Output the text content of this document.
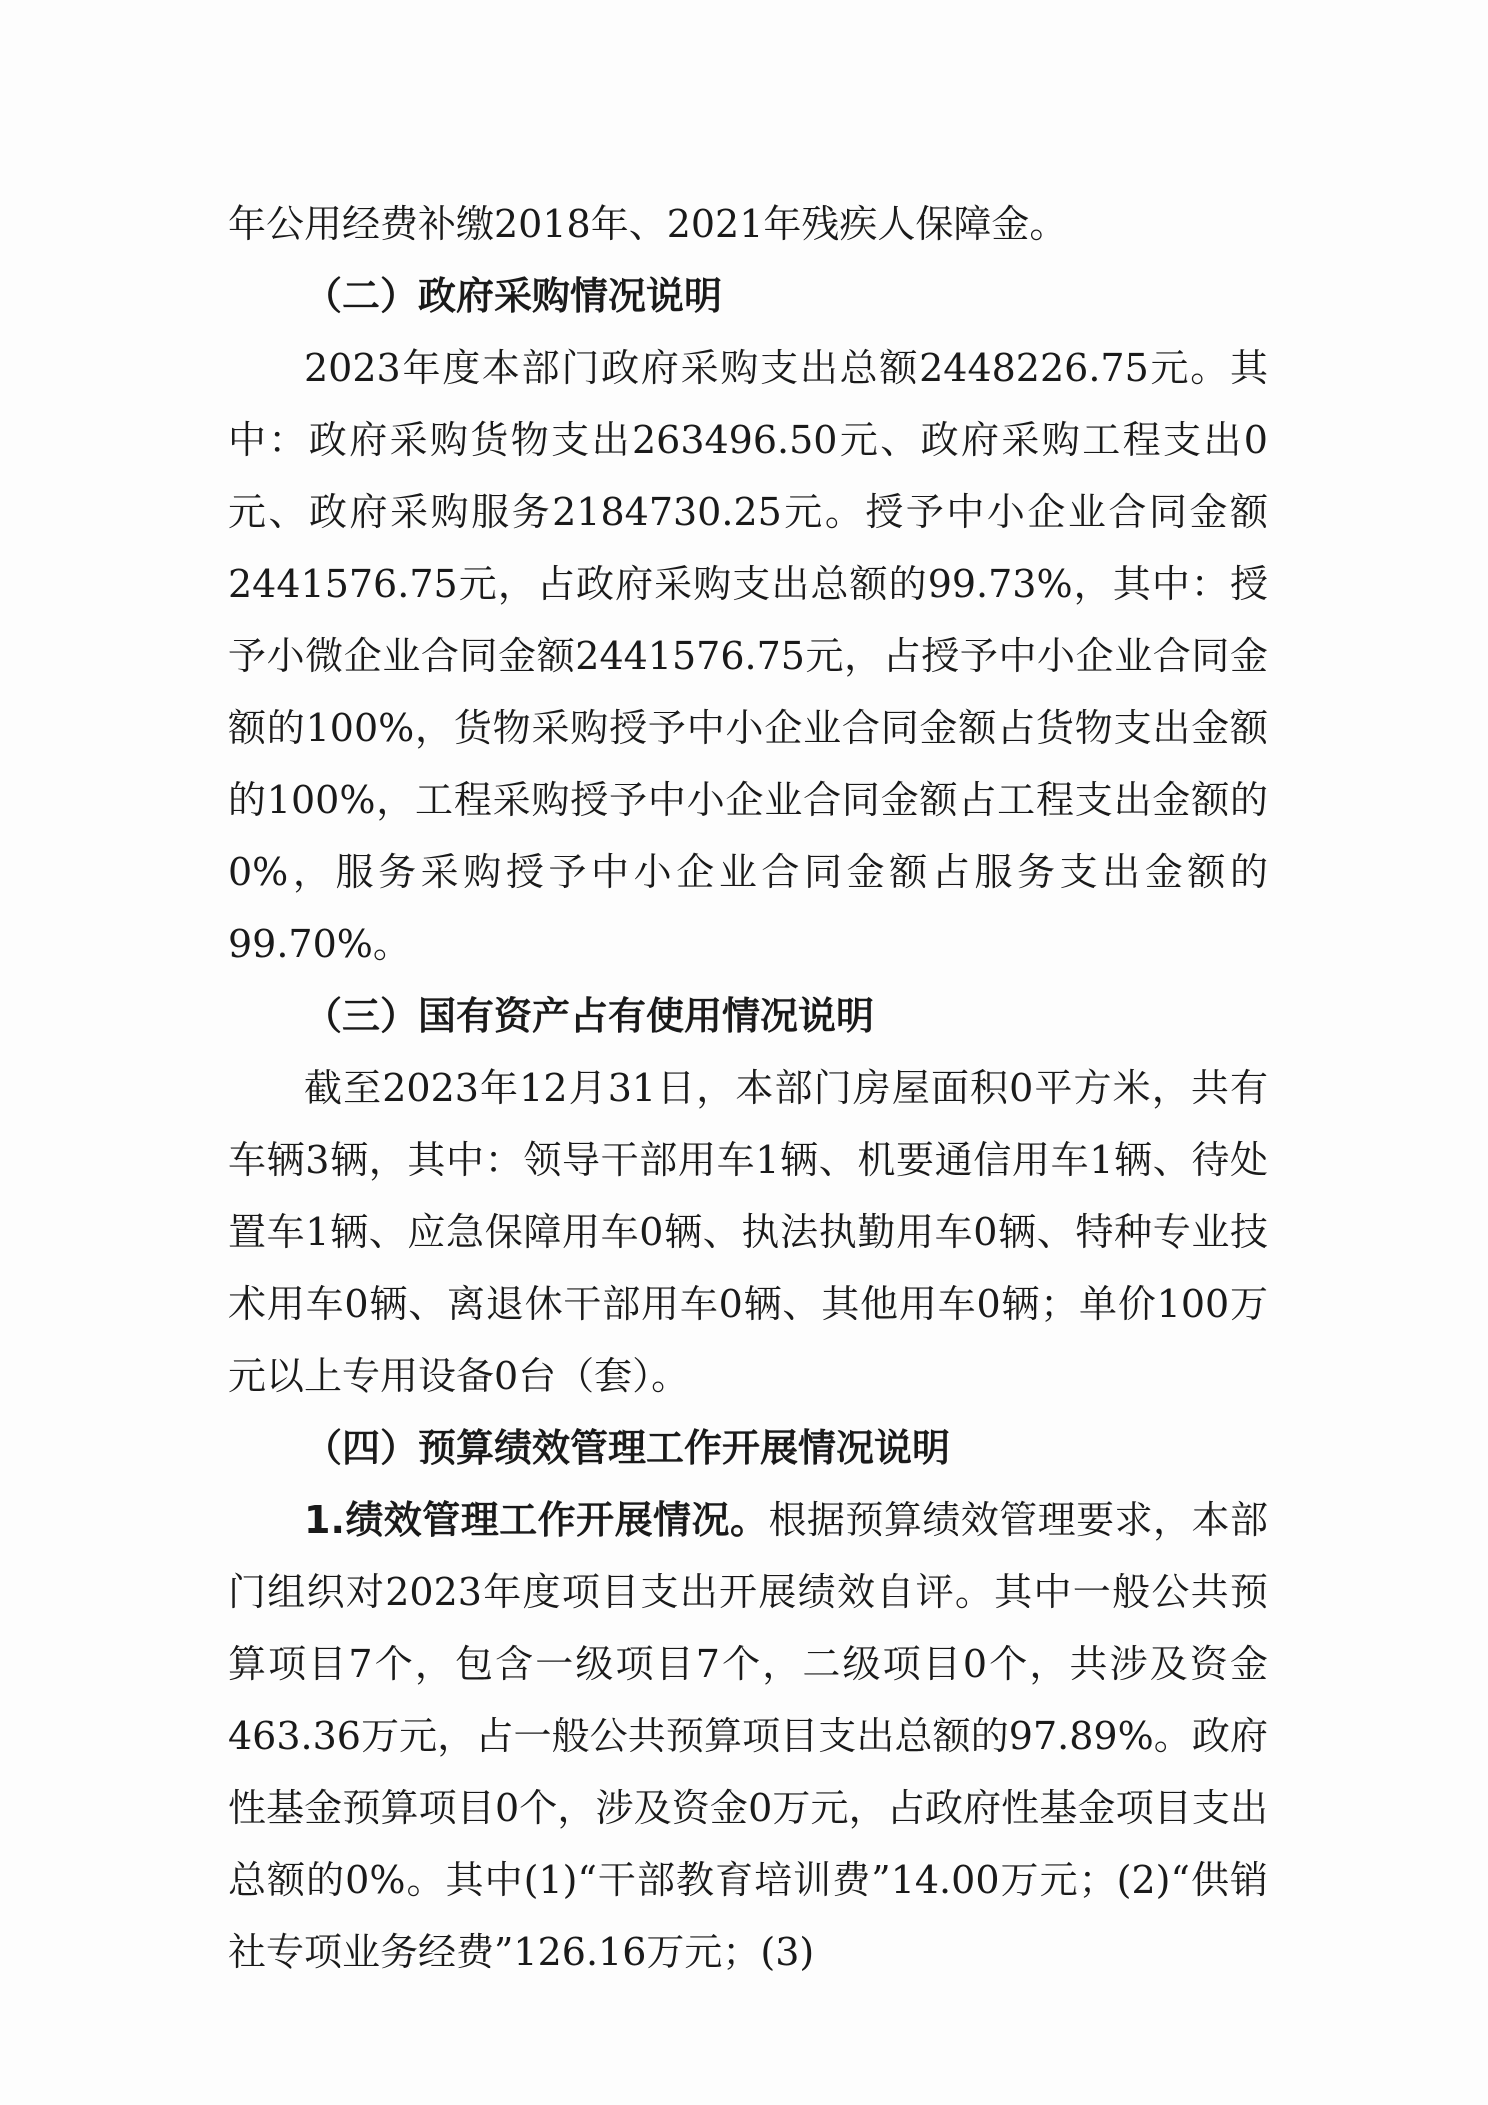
年公用经费补缴2018年、2021年残疾人保障金。

（二）政府采购情况说明

2023年度本部门政府采购支出总额2448226.75元。其中：政府采购货物支出263496.50元、政府采购工程支出0元、政府采购服务2184730.25元。授予中小企业合同金额2441576.75元，占政府采购支出总额的99.73%，其中：授予小微企业合同金额2441576.75元，占授予中小企业合同金额的100%，货物采购授予中小企业合同金额占货物支出金额的100%，工程采购授予中小企业合同金额占工程支出金额的0%，服务采购授予中小企业合同金额占服务支出金额的99.70%。

（三）国有资产占有使用情况说明

截至2023年12月31日，本部门房屋面积0平方米，共有车辆3辆，其中：领导干部用车1辆、机要通信用车1辆、待处置车1辆、应急保障用车0辆、执法执勤用车0辆、特种专业技术用车0辆、离退休干部用车0辆、其他用车0辆；单价100万元以上专用设备0台（套）。

（四）预算绩效管理工作开展情况说明

1.绩效管理工作开展情况。根据预算绩效管理要求，本部门组织对2023年度项目支出开展绩效自评。其中一般公共预算项目7个，包含一级项目7个，二级项目0个，共涉及资金463.36万元，占一般公共预算项目支出总额的97.89%。政府性基金预算项目0个，涉及资金0万元，占政府性基金项目支出总额的0%。其中(1)“干部教育培训费”14.00万元；(2)“供销社专项业务经费”126.16万元；(3)
